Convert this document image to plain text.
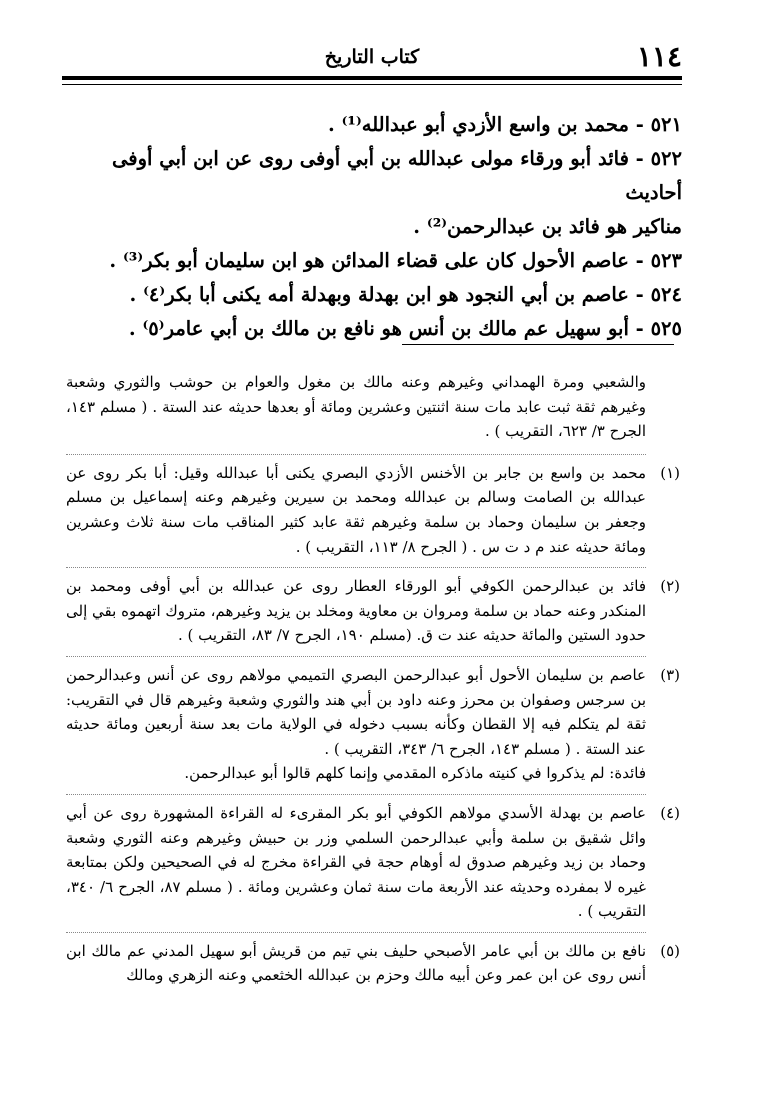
١١٤
كتاب التاريخ

٥٢١ - محمد بن واسع الأزدي أبو عبدالله⁽¹⁾ .

٥٢٢ - فائد أبو ورقاء مولى عبدالله بن أبي أوفى روى عن ابن أبي أوفى أحاديث

مناكير هو فائد بن عبدالرحمن⁽²⁾ .

٥٢٣ - عاصم الأحول كان على قضاء المدائن هو ابن سليمان أبو بكر⁽³⁾ .

٥٢٤ - عاصم بن أبي النجود هو ابن بهدلة وبهدلة أمه يكنى أبا بكر⁽٤⁾ .

٥٢٥ - أبو سهيل عم مالك بن أنس هو نافع بن مالك بن أبي عامر⁽٥⁾ .

والشعبي ومرة الهمداني وغيرهم وعنه مالك بن مغول والعوام بن حوشب والثوري وشعبة وغيرهم ثقة ثبت عابد مات سنة اثنتين وعشرين ومائة أو بعدها حديثه عند الستة . ( مسلم ١٤٣، الجرح ٣/ ٦٢٣، التقريب ) .
(١)
محمد بن واسع بن جابر بن الأخنس الأزدي البصري يكنى أبا عبدالله وقيل: أبا بكر روى عن عبدالله بن الصامت وسالم بن عبدالله ومحمد بن سيرين وغيرهم وعنه إسماعيل بن مسلم وجعفر بن سليمان وحماد بن سلمة وغيرهم ثقة عابد كثير المناقب مات سنة ثلاث وعشرين ومائة حديثه عند م د ت س . ( الجرح ٨/ ١١٣، التقريب ) .
(٢)
فائد بن عبدالرحمن الكوفي أبو الورقاء العطار روى عن عبدالله بن أبي أوفى ومحمد بن المنكدر وعنه حماد بن سلمة ومروان بن معاوية ومخلد بن يزيد وغيرهم، متروك اتهموه بقي إلى حدود الستين والمائة حديثه عند ت ق. (مسلم ١٩٠، الجرح ٧/ ٨٣، التقريب ) .
(٣)

عاصم بن سليمان الأحول أبو عبدالرحمن البصري التميمي مولاهم روى عن أنس وعبدالرحمن بن سرجس وصفوان بن محرز وعنه داود بن أبي هند والثوري وشعبة وغيرهم قال في التقريب: ثقة لم يتكلم فيه إلا القطان وكأنه بسبب دخوله في الولاية مات بعد سنة أربعين ومائة حديثه عند الستة . ( مسلم ١٤٣، الجرح ٦/ ٣٤٣، التقريب ) .

فائدة: لم يذكروا في كنيته ماذكره المقدمي وإنما كلهم قالوا أبو عبدالرحمن.

(٤)
عاصم بن بهدلة الأسدي مولاهم الكوفي أبو بكر المقرىء له القراءة المشهورة روى عن أبي وائل شقيق بن سلمة وأبي عبدالرحمن السلمي وزر بن حبيش وغيرهم وعنه الثوري وشعبة وحماد بن زيد وغيرهم صدوق له أوهام حجة في القراءة مخرج له في الصحيحين ولكن بمتابعة غيره لا بمفرده وحديثه عند الأربعة مات سنة ثمان وعشرين ومائة . ( مسلم ٨٧، الجرح ٦/ ٣٤٠، التقريب ) .
(٥)
نافع بن مالك بن أبي عامر الأصبحي حليف بني تيم من قريش أبو سهيل المدني عم مالك ابن أنس روى عن ابن عمر وعن أبيه مالك وحزم بن عبدالله الخثعمي وعنه الزهري ومالك
